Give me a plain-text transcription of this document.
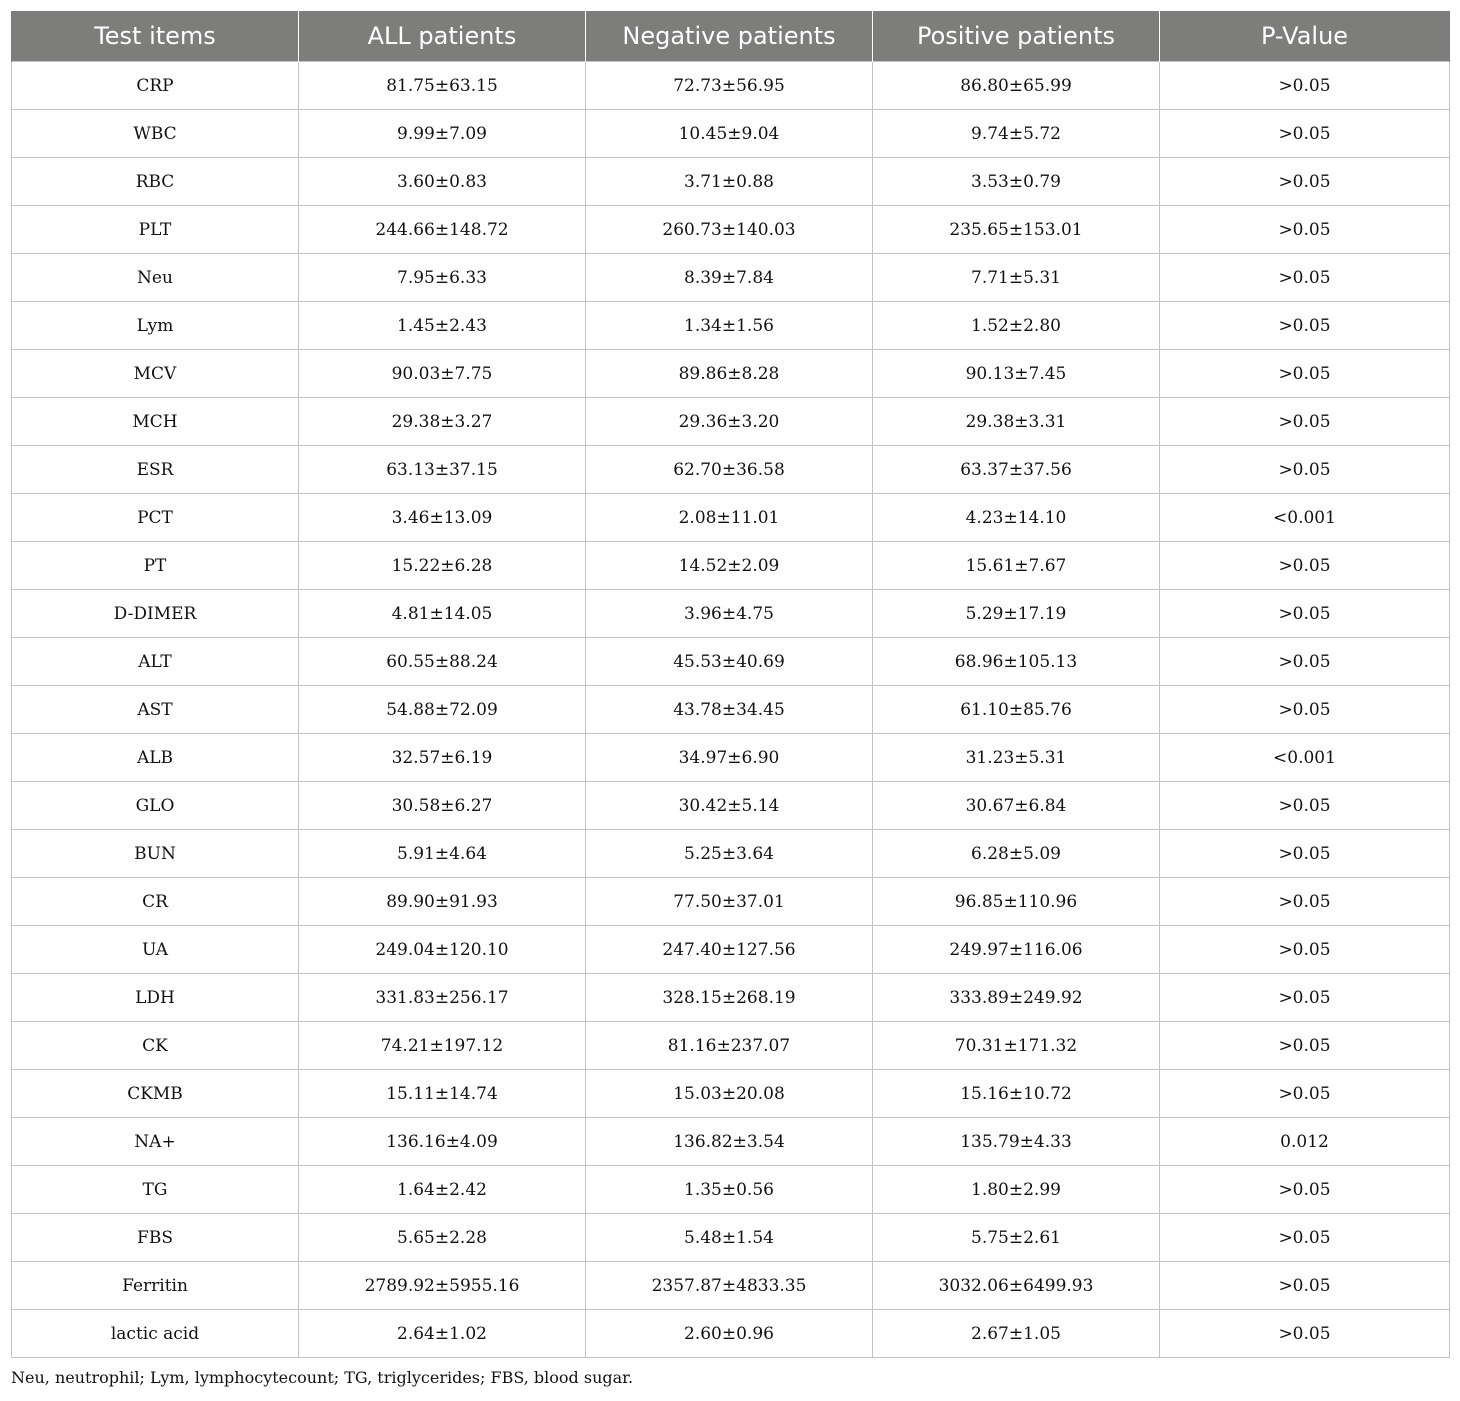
Test items	ALL patients	Negative patients	Positive patients	P-Value
CRP	81.75±63.15	72.73±56.95	86.80±65.99	>0.05
WBC	9.99±7.09	10.45±9.04	9.74±5.72	>0.05
RBC	3.60±0.83	3.71±0.88	3.53±0.79	>0.05
PLT	244.66±148.72	260.73±140.03	235.65±153.01	>0.05
Neu	7.95±6.33	8.39±7.84	7.71±5.31	>0.05
Lym	1.45±2.43	1.34±1.56	1.52±2.80	>0.05
MCV	90.03±7.75	89.86±8.28	90.13±7.45	>0.05
MCH	29.38±3.27	29.36±3.20	29.38±3.31	>0.05
ESR	63.13±37.15	62.70±36.58	63.37±37.56	>0.05
PCT	3.46±13.09	2.08±11.01	4.23±14.10	<0.001
PT	15.22±6.28	14.52±2.09	15.61±7.67	>0.05
D-DIMER	4.81±14.05	3.96±4.75	5.29±17.19	>0.05
ALT	60.55±88.24	45.53±40.69	68.96±105.13	>0.05
AST	54.88±72.09	43.78±34.45	61.10±85.76	>0.05
ALB	32.57±6.19	34.97±6.90	31.23±5.31	<0.001
GLO	30.58±6.27	30.42±5.14	30.67±6.84	>0.05
BUN	5.91±4.64	5.25±3.64	6.28±5.09	>0.05
CR	89.90±91.93	77.50±37.01	96.85±110.96	>0.05
UA	249.04±120.10	247.40±127.56	249.97±116.06	>0.05
LDH	331.83±256.17	328.15±268.19	333.89±249.92	>0.05
CK	74.21±197.12	81.16±237.07	70.31±171.32	>0.05
CKMB	15.11±14.74	15.03±20.08	15.16±10.72	>0.05
NA+	136.16±4.09	136.82±3.54	135.79±4.33	0.012
TG	1.64±2.42	1.35±0.56	1.80±2.99	>0.05
FBS	5.65±2.28	5.48±1.54	5.75±2.61	>0.05
Ferritin	2789.92±5955.16	2357.87±4833.35	3032.06±6499.93	>0.05
lactic acid	2.64±1.02	2.60±0.96	2.67±1.05	>0.05
Neu, neutrophil; Lym, lymphocytecount; TG, triglycerides; FBS, blood sugar.
